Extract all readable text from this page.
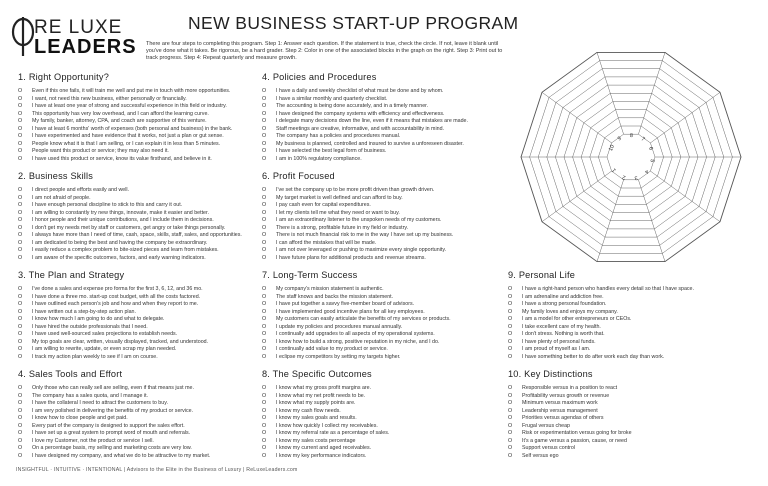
RE LUXE
LEADERS
NEW BUSINESS START-UP PROGRAM
There are four steps to completing this program. Step 1: Answer each question. If the statement is true, check the circle. If not, leave it blank until you've done what it takes. Be rigorous, be a hard grader. Step 2: Color in one of the associated blocks in the graph on the right. Step 3: Print out to track progress. Step 4: Repeat quarterly and measure growth.
1. Right Opportunity?
O Even if this one fails, it will train me well and put me in touch with more opportunities.
O I want, not need this new business, either personally or financially.
O I have at least one year of strong and successful experience in this field or industry.
O This opportunity has very low overhead, and I can afford the learning curve.
O My family, banker, attorney, CPA, and coach are supportive of this venture.
O I have at least 6 months' worth of expenses (both personal and business) in the bank.
O I have experimented and have evidence that it works, not just a plan or gut sense.
O People know what it is that I am selling, or I can explain it in less than 5 minutes.
O People want this product or service; they may also need it.
O I have used this product or service, know its value firsthand, and believe in it.
2. Business Skills
O I direct people and efforts easily and well.
O I am not afraid of people.
O I have enough personal discipline to stick to this and carry it out.
O I am willing to constantly try new things, innovate, make it easier and better.
O I honor people and their unique contributions, and I include them in decisions.
O I don't get my needs met by staff or customers, get angry or take things personally.
O I always have more than I need of time, cash, space, skills, staff, sales, and opportunities.
O I am dedicated to being the best and having the company be extraordinary.
O I easily reduce a complex problem to bite-sized pieces and learn from mistakes.
O I am aware of the specific outcomes, factors, and early warning indicators.
3. The Plan and Strategy
O I've done a sales and expense pro forma for the first 3, 6, 12, and 36 mo.
O I have done a three mo. start-up cost budget, with all the costs factored.
O I have outlined each person's job and how and when they report to me.
O I have written out a step-by-step action plan.
O I know how much I am going to do and what to delegate.
O I have hired the outside professionals that I need.
O I have used well-sourced sales projections to establish needs.
O My top goals are clear, written, visually displayed, tracked, and understood.
O I am willing to rewrite, update, or even scrap my plan needed.
O I track my action plan weekly to see if I am on course.
4. Sales Tools and Effort
O Only those who can really sell are selling, even if that means just me.
O The company has a sales quota, and I manage it.
O I have the collateral I need to attract the customers to buy.
O I am very polished in delivering the benefits of my product or service.
O I know how to close people and get paid.
O Every part of the company is designed to support the sales effort.
O I have set up a great system to prompt word of mouth and referrals.
O I love my Customer, not the product or service I sell.
O On a percentage basis, my selling and marketing costs are very low.
O I have designed my company, and what we do to be attractive to my market.
4. Policies and Procedures
O I have a daily and weekly checklist of what must be done and by whom.
O I have a similar monthly and quarterly checklist.
O The accounting is being done accurately, and in a timely manner.
O I have designed the company systems with efficiency and effectiveness.
O I delegate many decisions down the line, even if it means that mistakes are made.
O Staff meetings are creative, informative, and with accountability in mind.
O The company has a policies and procedures manual.
O My business is planned, controlled and insured to survive a unforeseen disaster.
O I have selected the best legal form of business.
O I am in 100% regulatory compliance.
6. Profit Focused
O I've set the company up to be more profit driven than growth driven.
O My target market is well defined and can afford to buy.
O I pay cash even for capital expenditures.
O I let my clients tell me what they need or want to buy.
O I am an extraordinary listener to the unspoken needs of my customers.
O There is a strong, profitable future in my field or industry.
O There is not much financial risk to me in the way I have set up my business.
O I can afford the mistakes that will be made.
O I am not over leveraged or pushing to maximize every single opportunity.
O I have future plans for additional products and revenue streams.
7. Long-Term Success
O My company's mission statement is authentic.
O The staff knows and backs the mission statement.
O I have put together a savvy five-member board of advisors.
O I have implemented good incentive plans for all key employees.
O My customers can easily articulate the benefits of my services or products.
O I update my policies and procedures manual annually.
O I continually add upgrades to all aspects of my operational systems.
O I know how to build a strong, positive reputation in my niche, and I do.
O I continually add value to my product or service.
O I eclipse my competitors by setting my targets higher.
8. The Specific Outcomes
O I know what my gross profit margins are.
O I know what my net profit needs to be.
O I know what my supply points are.
O I know my cash flow needs.
O I know my sales goals and results.
O I know how quickly I collect my receivables.
O I know my referral rate as a percentage of sales.
O I know my sales costs percentage
O I know my current and aged receivables.
O I know my key performance indicators.
9. Personal Life
O I have a right-hand person who handles every detail so that I have space.
O I am adrenaline and addiction free.
O I have a strong personal foundation.
O My family loves and enjoys my company.
O I am a model for other entrepreneurs or CEOs.
O I take excellent care of my health.
O I don't stress. Nothing is worth that.
O I have plenty of personal funds.
O I am proud of myself as I am.
O I have something better to do after work each day than work.
10. Key Distinctions
O Responsible versus in a position to react
O Profitability versus growth or revenue
O Minimum versus maximum work
O Leadership versus management
O Priorities versus agendas of others
O Frugal versus cheap
O Risk or experimentation versus going for broke
O It's a game versus a passion, cause, or need
O Support versus control
O Self versus ego
10
9 8
7
6
5
4
3
2
1
INSIGHTFUL · INTUITIVE · INTENTIONAL | Advisors to the Elite in the Business of Luxury | ReLuxeLeaders.com
